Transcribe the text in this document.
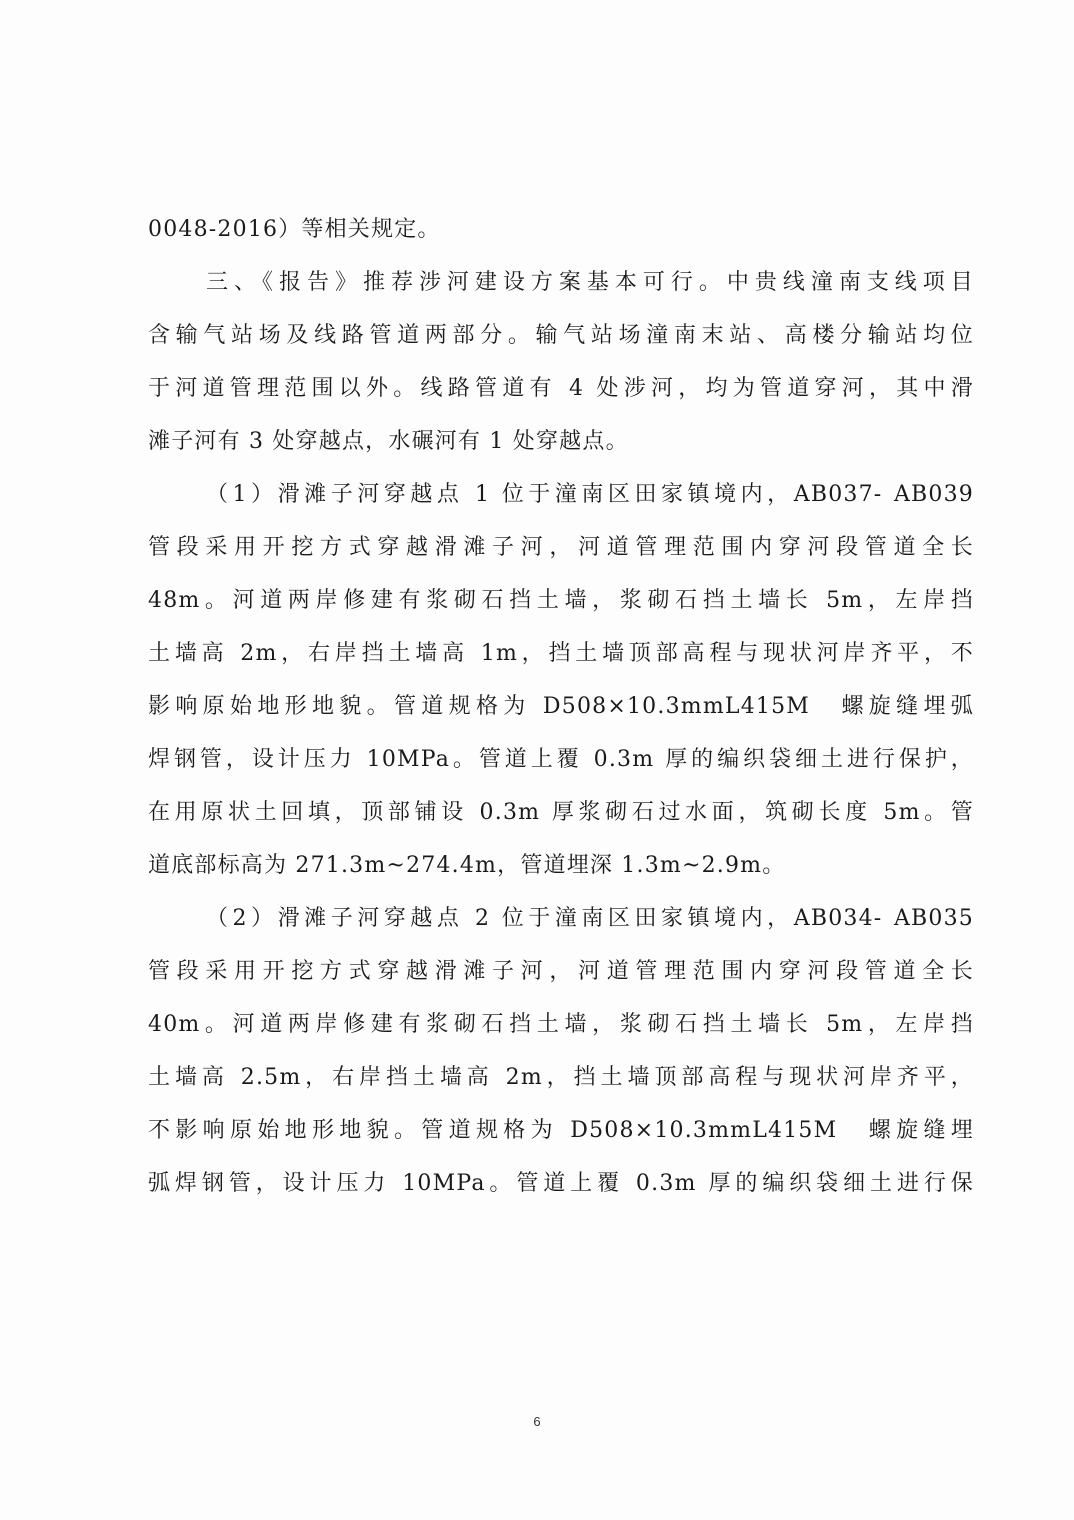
0048-2016）等相关规定。
三、《报告》推荐涉河建设方案基本可行。中贵线潼南支线项目
含输气站场及线路管道两部分。输气站场潼南末站、高楼分输站均位
于河道管理范围以外。线路管道有 4 处涉河，均为管道穿河，其中滑
滩子河有 3 处穿越点，水碾河有 1 处穿越点。
（1）滑滩子河穿越点 1 位于潼南区田家镇境内，AB037- AB039
管段采用开挖方式穿越滑滩子河，河道管理范围内穿河段管道全长
48m。河道两岸修建有浆砌石挡土墙，浆砌石挡土墙长 5m，左岸挡
土墙高 2m，右岸挡土墙高 1m，挡土墙顶部高程与现状河岸齐平，不
影响原始地形地貌。管道规格为 D508×10.3mmL415M　螺旋缝埋弧
焊钢管，设计压力 10MPa。管道上覆 0.3m 厚的编织袋细土进行保护，
在用原状土回填，顶部铺设 0.3m 厚浆砌石过水面，筑砌长度 5m。管
道底部标高为 271.3m~274.4m，管道埋深 1.3m~2.9m。
（2）滑滩子河穿越点 2 位于潼南区田家镇境内，AB034- AB035
管段采用开挖方式穿越滑滩子河，河道管理范围内穿河段管道全长
40m。河道两岸修建有浆砌石挡土墙，浆砌石挡土墙长 5m，左岸挡
土墙高 2.5m，右岸挡土墙高 2m，挡土墙顶部高程与现状河岸齐平，
不影响原始地形地貌。管道规格为 D508×10.3mmL415M　螺旋缝埋
弧焊钢管，设计压力 10MPa。管道上覆 0.3m 厚的编织袋细土进行保
6
